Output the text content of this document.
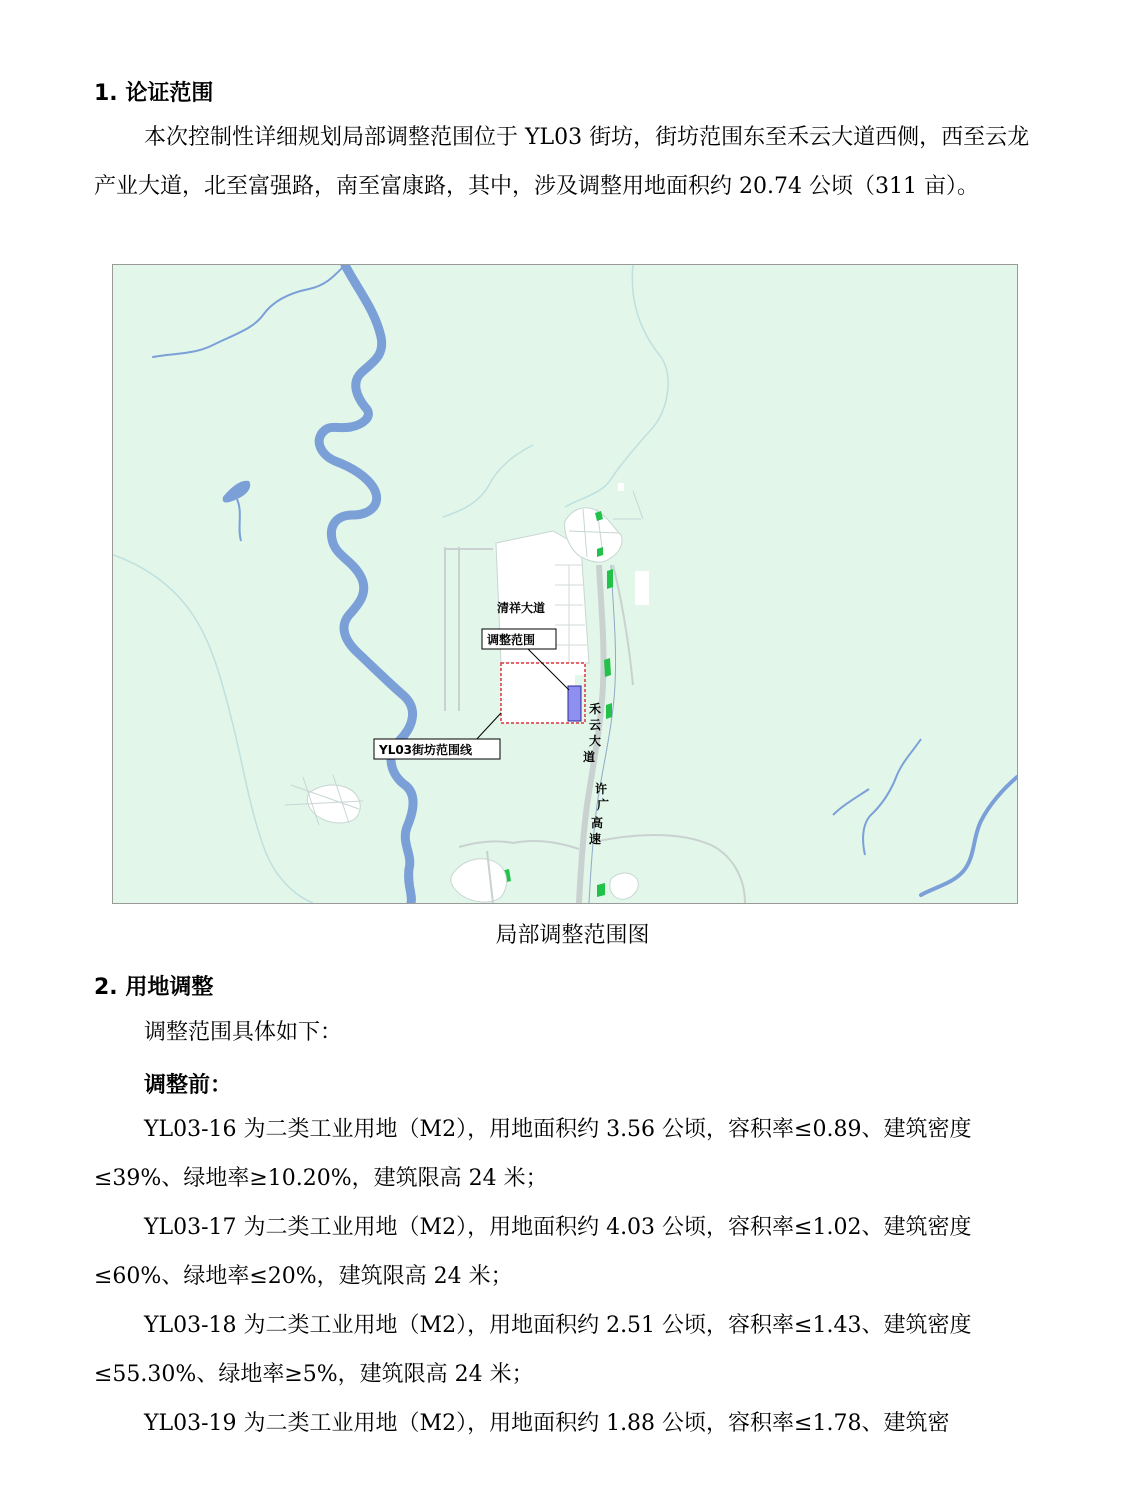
1. 论证范围

本次控制性详细规划局部调整范围位于 YL03 街坊，街坊范围东至禾云大道西侧，西至云龙产业大道，北至富强路，南至富康路，其中，涉及调整用地面积约 20.74 公顷（311 亩）。

清祥大道
调整范围
YL03街坊范围线
禾
云
大
道
许
广
高
速

局部调整范围图

2. 用地调整

调整范围具体如下：

调整前：

YL03-16 为二类工业用地（M2），用地面积约 3.56 公顷，容积率≤0.89、建筑密度≤39%、绿地率≥10.20%，建筑限高 24 米；

YL03-17 为二类工业用地（M2），用地面积约 4.03 公顷，容积率≤1.02、建筑密度≤60%、绿地率≤20%，建筑限高 24 米；

YL03-18 为二类工业用地（M2），用地面积约 2.51 公顷，容积率≤1.43、建筑密度≤55.30%、绿地率≥5%，建筑限高 24 米；

YL03-19 为二类工业用地（M2），用地面积约 1.88 公顷，容积率≤1.78、建筑密
